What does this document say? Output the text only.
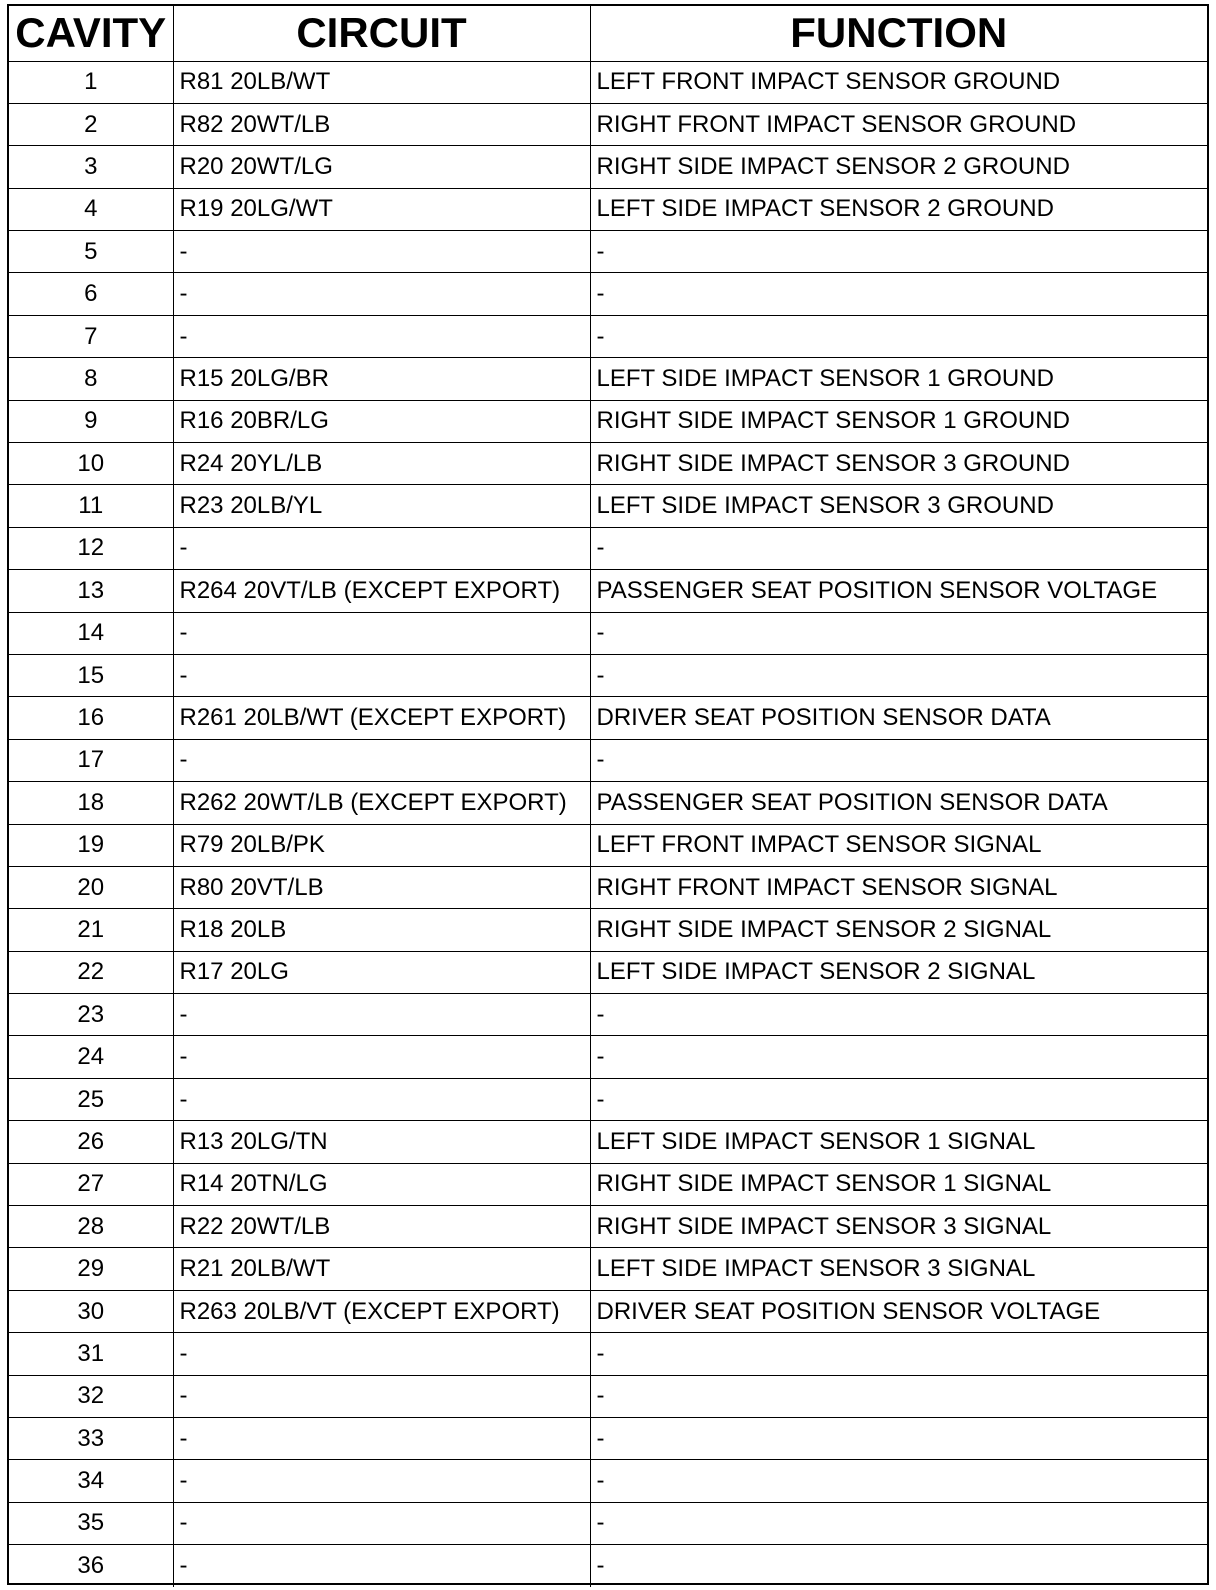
CAVITY	CIRCUIT	FUNCTION
1	R81 20LB/WT	LEFT FRONT IMPACT SENSOR GROUND
2	R82 20WT/LB	RIGHT FRONT IMPACT SENSOR GROUND
3	R20 20WT/LG	RIGHT SIDE IMPACT SENSOR 2 GROUND
4	R19 20LG/WT	LEFT SIDE IMPACT SENSOR 2 GROUND
5	-	-
6	-	-
7	-	-
8	R15 20LG/BR	LEFT SIDE IMPACT SENSOR 1 GROUND
9	R16 20BR/LG	RIGHT SIDE IMPACT SENSOR 1 GROUND
10	R24 20YL/LB	RIGHT SIDE IMPACT SENSOR 3 GROUND
11	R23 20LB/YL	LEFT SIDE IMPACT SENSOR 3 GROUND
12	-	-
13	R264 20VT/LB (EXCEPT EXPORT)	PASSENGER SEAT POSITION SENSOR VOLTAGE
14	-	-
15	-	-
16	R261 20LB/WT (EXCEPT EXPORT)	DRIVER SEAT POSITION SENSOR DATA
17	-	-
18	R262 20WT/LB (EXCEPT EXPORT)	PASSENGER SEAT POSITION SENSOR DATA
19	R79 20LB/PK	LEFT FRONT IMPACT SENSOR SIGNAL
20	R80 20VT/LB	RIGHT FRONT IMPACT SENSOR SIGNAL
21	R18 20LB	RIGHT SIDE IMPACT SENSOR 2 SIGNAL
22	R17 20LG	LEFT SIDE IMPACT SENSOR 2 SIGNAL
23	-	-
24	-	-
25	-	-
26	R13 20LG/TN	LEFT SIDE IMPACT SENSOR 1 SIGNAL
27	R14 20TN/LG	RIGHT SIDE IMPACT SENSOR 1 SIGNAL
28	R22 20WT/LB	RIGHT SIDE IMPACT SENSOR 3 SIGNAL
29	R21 20LB/WT	LEFT SIDE IMPACT SENSOR 3 SIGNAL
30	R263 20LB/VT (EXCEPT EXPORT)	DRIVER SEAT POSITION SENSOR VOLTAGE
31	-	-
32	-	-
33	-	-
34	-	-
35	-	-
36	-	-
